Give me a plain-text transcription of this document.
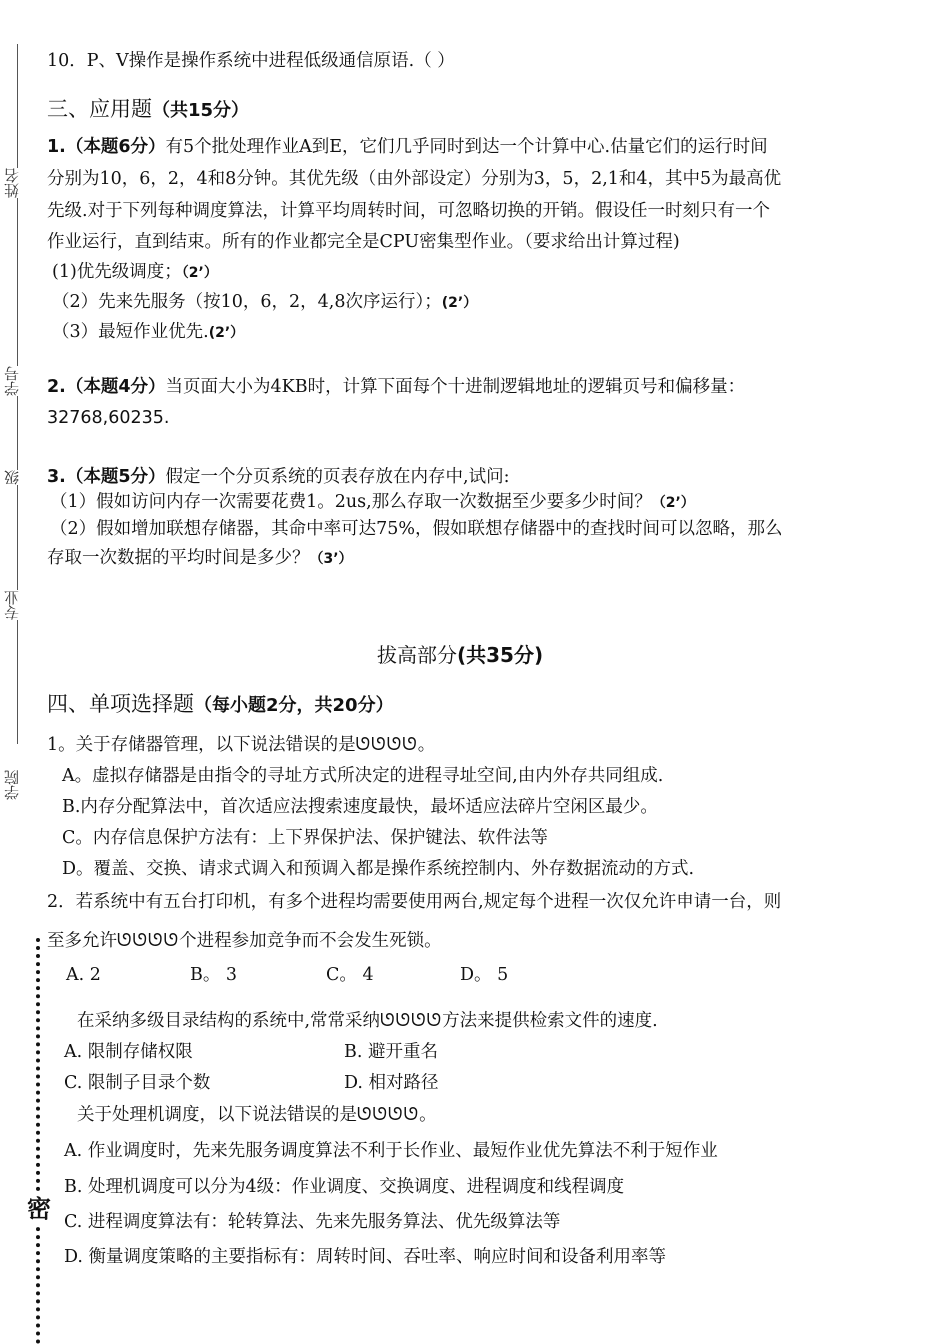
姓名
学号
级
专业
学院
密
10．P、V操作是操作系统中进程低级通信原语.（ ）
三、应用题（共15分）
1.（本题6分）有5个批处理作业A到E，它们几乎同时到达一个计算中心.估量它们的运行时间
分别为10，6，2，4和8分钟。其优先级（由外部设定）分别为3，5，2,1和4，其中5为最高优
先级.对于下列每种调度算法，计算平均周转时间，可忽略切换的开销。假设任一时刻只有一个
作业运行，直到结束。所有的作业都完全是CPU密集型作业。（要求给出计算过程)
(1)优先级调度；（2’）
（2）先来先服务（按10，6，2，4,8次序运行）；(2’）
（3）最短作业优先.(2’）
2.（本题4分）当页面大小为4KB时，计算下面每个十进制逻辑地址的逻辑页号和偏移量：
32768,60235.
3.（本题5分）假定一个分页系统的页表存放在内存中,试问:
（1）假如访问内存一次需要花费1。2us,那么存取一次数据至少要多少时间？（2’）
（2）假如增加联想存储器，其命中率可达75%，假如联想存储器中的查找时间可以忽略，那么
存取一次数据的平均时间是多少？（3’）
拔高部分(共35分)
四、单项选择题（每小题2分，共20分）
1。关于存储器管理，以下说法错误的是ᘎᘎᘎᘎ。
A。虚拟存储器是由指令的寻址方式所决定的进程寻址空间,由内外存共同组成.
B.内存分配算法中，首次适应法搜索速度最快，最坏适应法碎片空闲区最少。
C。内存信息保护方法有：上下界保护法、保护键法、软件法等
D。覆盖、交换、请求式调入和预调入都是操作系统控制内、外存数据流动的方式.
2．若系统中有五台打印机，有多个进程均需要使用两台,规定每个进程一次仅允许申请一台，则
至多允许ᘎᘎᘎᘎ个进程参加竞争而不会发生死锁。
A. 2	B。 3	C。 4	D。 5
在采纳多级目录结构的系统中,常常采纳ᘎᘎᘎᘎ方法来提供检索文件的速度.
A. 限制存储权限	B. 避开重名
C. 限制子目录个数	D. 相对路径
关于处理机调度，以下说法错误的是ᘎᘎᘎᘎ。
A. 作业调度时，先来先服务调度算法不利于长作业、最短作业优先算法不利于短作业
B. 处理机调度可以分为4级：作业调度、交换调度、进程调度和线程调度
C. 进程调度算法有：轮转算法、先来先服务算法、优先级算法等
D. 衡量调度策略的主要指标有：周转时间、吞吐率、响应时间和设备利用率等
